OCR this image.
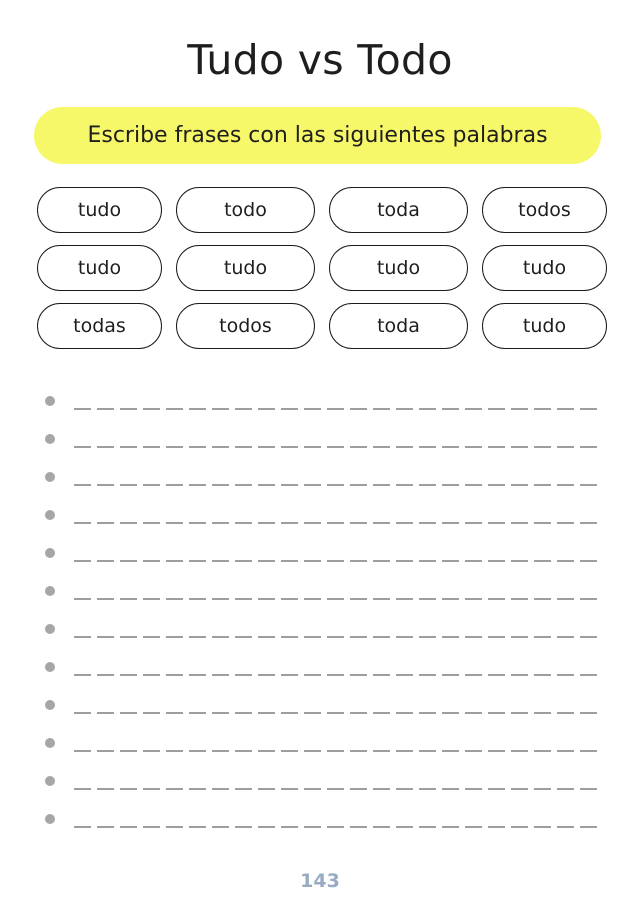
Tudo vs Todo
Escribe frases con las siguientes palabras
tudo	todo	toda	todos
tudo	tudo	tudo	tudo
todas	todos	toda	tudo
143
